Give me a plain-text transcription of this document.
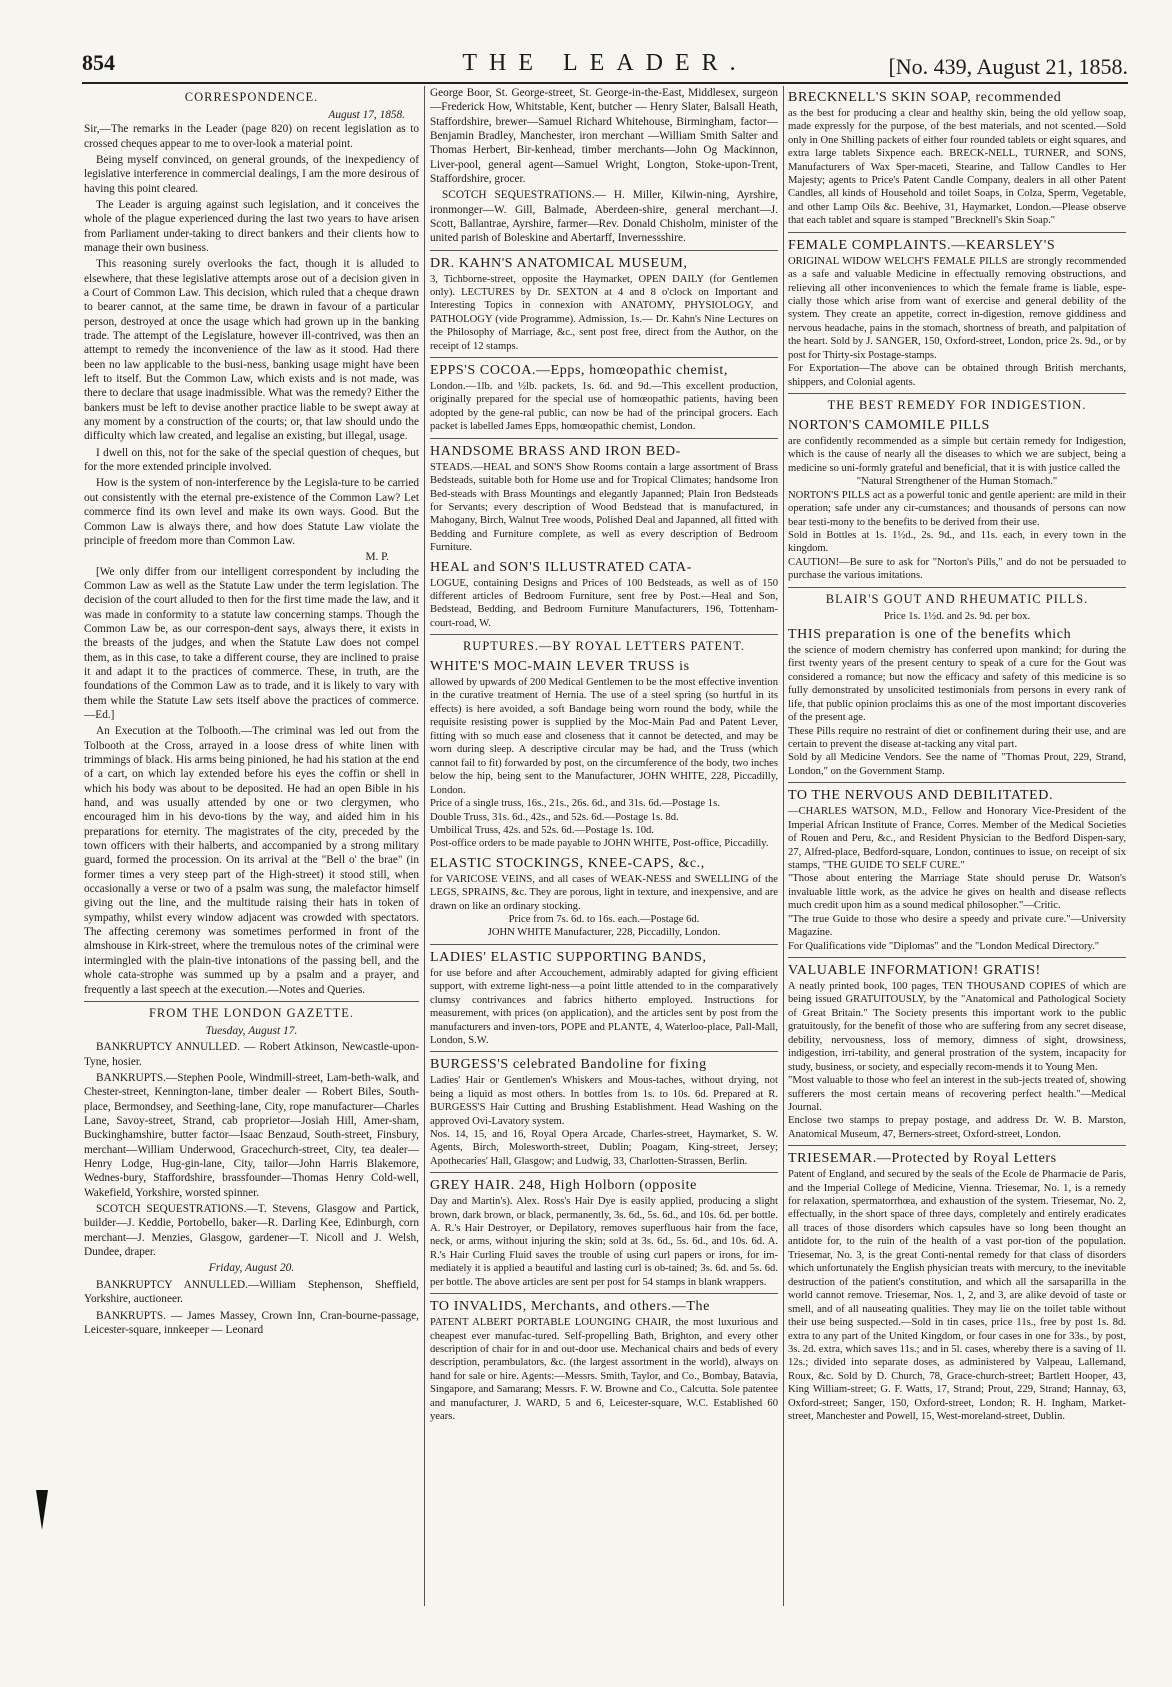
854	THE LEADER.	[No. 439, August 21, 1858.
CORRESPONDENCE.
August 17, 1858.

Sir,—The remarks in the Leader (page 820) on recent legislation as to crossed cheques appear to me to over-look a material point.

Being myself convinced, on general grounds, of the inexpediency of legislative interference in commercial dealings, I am the more desirous of having this point cleared.

The Leader is arguing against such legislation, and it conceives the whole of the plague experienced during the last two years to have arisen from Parliament under-taking to direct bankers and their clients how to manage their own business.

This reasoning surely overlooks the fact, though it is alluded to elsewhere, that these legislative attempts arose out of a decision given in a Court of Common Law. This decision, which ruled that a cheque drawn to bearer cannot, at the same time, be drawn in favour of a particular person, destroyed at once the usage which had grown up in the banking trade. The attempt of the Legislature, however ill-contrived, was then an attempt to remedy the inconvenience of the law as it stood. Had there been no law applicable to the busi-ness, banking usage might have been left to itself. But the Common Law, which exists and is not made, was there to declare that usage inadmissible. What was the remedy? Either the bankers must be left to devise another practice liable to be swept away at any moment by a construction of the courts; or, that law should undo the difficulty which law created, and legalise an existing, but illegal, usage.

I dwell on this, not for the sake of the special question of cheques, but for the more extended principle involved.

How is the system of non-interference by the Legisla-ture to be carried out consistently with the eternal pre-existence of the Common Law? Let commerce find its own level and make its own ways. Good. But the Common Law is always there, and how does Statute Law violate the principle of freedom more than Common Law.

M. P.

[We only differ from our intelligent correspondent by including the Common Law as well as the Statute Law under the term legislation. The decision of the court alluded to then for the first time made the law, and it was made in conformity to a statute law concerning stamps. Though the Common Law be, as our correspon-dent says, always there, it exists in the breasts of the judges, and when the Statute Law does not compel them, as in this case, to take a different course, they are inclined to praise it and adapt it to the practices of commerce. These, in truth, are the foundations of the Common Law as to trade, and it is likely to vary with them while the Statute Law sets itself above the practices of commerce.—Ed.]

An Execution at the Tolbooth.—The criminal was led out from the Tolbooth at the Cross, arrayed in a loose dress of white linen with trimmings of black. His arms being pinioned, he had his station at the end of a cart, on which lay extended before his eyes the coffin or shell in which his body was about to be deposited. He had an open Bible in his hand, and was usually attended by one or two clergymen, who encouraged him in his devo-tions by the way, and aided him in his preparations for eternity. The magistrates of the city, preceded by the town officers with their halberts, and accompanied by a strong military guard, formed the procession. On its arrival at the "Bell o' the brae" (in former times a very steep part of the High-street) it stood still, when occasionally a verse or two of a psalm was sung, the malefactor himself giving out the line, and the multitude raising their hats in token of sympathy, whilst every window adjacent was crowded with spectators. The affecting ceremony was sometimes performed in front of the almshouse in Kirk-street, where the tremulous notes of the criminal were intermingled with the plain-tive intonations of the passing bell, and the whole cata-strophe was summed up by a psalm and a prayer, and frequently a last speech at the execution.—Notes and Queries.

FROM THE LONDON GAZETTE.
Tuesday, August 17.

BANKRUPTCY ANNULLED. — Robert Atkinson, Newcastle-upon-Tyne, hosier.

BANKRUPTS.—Stephen Poole, Windmill-street, Lam-beth-walk, and Chester-street, Kennington-lane, timber dealer — Robert Biles, South-place, Bermondsey, and Seething-lane, City, rope manufacturer—Charles Lane, Savoy-street, Strand, cab proprietor—Josiah Hill, Amer-sham, Buckinghamshire, butter factor—Isaac Benzaud, South-street, Finsbury, merchant—William Underwood, Gracechurch-street, City, tea dealer—Henry Lodge, Hug-gin-lane, City, tailor—John Harris Blakemore, Wednes-bury, Staffordshire, brassfounder—Thomas Henry Cold-well, Wakefield, Yorkshire, worsted spinner.

SCOTCH SEQUESTRATIONS.—T. Stevens, Glasgow and Partick, builder—J. Keddie, Portobello, baker—R. Darling Kee, Edinburgh, corn merchant—J. Menzies, Glasgow, gardener—T. Nicoll and J. Welsh, Dundee, draper.

Friday, August 20.

BANKRUPTCY ANNULLED.—William Stephenson, Sheffield, Yorkshire, auctioneer.

BANKRUPTS. — James Massey, Crown Inn, Cran-bourne-passage, Leicester-square, innkeeper — Leonard

George Boor, St. George-street, St. George-in-the-East, Middlesex, surgeon—Frederick How, Whitstable, Kent, butcher — Henry Slater, Balsall Heath, Staffordshire, brewer—Samuel Richard Whitehouse, Birmingham, factor—Benjamin Bradley, Manchester, iron merchant —William Smith Salter and Thomas Herbert, Bir-kenhead, timber merchants—John Og Mackinnon, Liver-pool, general agent—Samuel Wright, Longton, Stoke-upon-Trent, Staffordshire, grocer.

SCOTCH SEQUESTRATIONS.— H. Miller, Kilwin-ning, Ayrshire, ironmonger—W. Gill, Balmade, Aberdeen-shire, general merchant—J. Scott, Ballantrae, Ayrshire, farmer—Rev. Donald Chisholm, minister of the united parish of Boleskine and Abertarff, Invernessshire.

DR. KAHN'S ANATOMICAL MUSEUM,
3, Tichborne-street, opposite the Haymarket, OPEN DAILY (for Gentlemen only). LECTURES by Dr. SEXTON at 4 and 8 o'clock on Important and Interesting Topics in connexion with ANATOMY, PHYSIOLOGY, and PATHOLOGY (vide Programme). Admission, 1s.— Dr. Kahn's Nine Lectures on the Philosophy of Marriage, &c., sent post free, direct from the Author, on the receipt of 12 stamps.
EPPS'S COCOA.—Epps, homœopathic chemist,
London.—1lb. and ½lb. packets, 1s. 6d. and 9d.—This excellent production, originally prepared for the special use of homœopathic patients, having been adopted by the gene-ral public, can now be had of the principal grocers. Each packet is labelled James Epps, homœopathic chemist, London.
HANDSOME BRASS AND IRON BED-
STEADS.—HEAL and SON'S Show Rooms contain a large assortment of Brass Bedsteads, suitable both for Home use and for Tropical Climates; handsome Iron Bed-steads with Brass Mountings and elegantly Japanned; Plain Iron Bedsteads for Servants; every description of Wood Bedstead that is manufactured, in Mahogany, Birch, Walnut Tree woods, Polished Deal and Japanned, all fitted with Bedding and Furniture complete, as well as every description of Bedroom Furniture.
HEAL and SON'S ILLUSTRATED CATA-
LOGUE, containing Designs and Prices of 100 Bedsteads, as well as of 150 different articles of Bedroom Furniture, sent free by Post.—Heal and Son, Bedstead, Bedding, and Bedroom Furniture Manufacturers, 196, Tottenham-court-road, W.
RUPTURES.—BY ROYAL LETTERS PATENT.
WHITE'S MOC-MAIN LEVER TRUSS is
allowed by upwards of 200 Medical Gentlemen to be the most effective invention in the curative treatment of Hernia. The use of a steel spring (so hurtful in its effects) is here avoided, a soft Bandage being worn round the body, while the requisite resisting power is supplied by the Moc-Main Pad and Patent Lever, fitting with so much ease and closeness that it cannot be detected, and may be worn during sleep. A descriptive circular may be had, and the Truss (which cannot fail to fit) forwarded by post, on the circumference of the body, two inches below the hip, being sent to the Manufacturer, JOHN WHITE, 228, Piccadilly, London.
Price of a single truss, 16s., 21s., 26s. 6d., and 31s. 6d.—Postage 1s.
Double Truss, 31s. 6d., 42s., and 52s. 6d.—Postage 1s. 8d.
Umbilical Truss, 42s. and 52s. 6d.—Postage 1s. 10d.
Post-office orders to be made payable to JOHN WHITE, Post-office, Piccadilly.
ELASTIC STOCKINGS, KNEE-CAPS, &c.,
for VARICOSE VEINS, and all cases of WEAK-NESS and SWELLING of the LEGS, SPRAINS, &c. They are porous, light in texture, and inexpensive, and are drawn on like an ordinary stocking.
Price from 7s. 6d. to 16s. each.—Postage 6d.
JOHN WHITE Manufacturer, 228, Piccadilly, London.
LADIES' ELASTIC SUPPORTING BANDS,
for use before and after Accouchement, admirably adapted for giving efficient support, with extreme light-ness—a point little attended to in the comparatively clumsy contrivances and fabrics hitherto employed. Instructions for measurement, with prices (on application), and the articles sent by post from the manufacturers and inven-tors, POPE and PLANTE, 4, Waterloo-place, Pall-Mall, London, S.W.
BURGESS'S celebrated Bandoline for fixing
Ladies' Hair or Gentlemen's Whiskers and Mous-taches, without drying, not being a liquid as most others. In bottles from 1s. to 10s. 6d. Prepared at R. BURGESS'S Hair Cutting and Brushing Establishment. Head Washing on the approved Ovi-Lavatory system.
Nos. 14, 15, and 16, Royal Opera Arcade, Charles-street, Haymarket, S. W. Agents, Birch, Molesworth-street, Dublin; Poagam, King-street, Jersey; Apothecaries' Hall, Glasgow; and Ludwig, 33, Charlotten-Strassen, Berlin.
GREY HAIR. 248, High Holborn (opposite
Day and Martin's). Alex. Ross's Hair Dye is easily applied, producing a slight brown, dark brown, or black, permanently, 3s. 6d., 5s. 6d., and 10s. 6d. per bottle. A. R.'s Hair Destroyer, or Depilatory, removes superfluous hair from the face, neck, or arms, without injuring the skin; sold at 3s. 6d., 5s. 6d., and 10s. 6d. A. R.'s Hair Curling Fluid saves the trouble of using curl papers or irons, for im-mediately it is applied a beautiful and lasting curl is ob-tained; 3s. 6d. and 5s. 6d. per bottle. The above articles are sent per post for 54 stamps in blank wrappers.
TO INVALIDS, Merchants, and others.—The
PATENT ALBERT PORTABLE LOUNGING CHAIR, the most luxurious and cheapest ever manufac-tured. Self-propelling Bath, Brighton, and every other description of chair for in and out-door use. Mechanical chairs and beds of every description, perambulators, &c. (the largest assortment in the world), always on hand for sale or hire. Agents:—Messrs. Smith, Taylor, and Co., Bombay, Batavia, Singapore, and Samarang; Messrs. F. W. Browne and Co., Calcutta. Sole patentee and manufacturer, J. WARD, 5 and 6, Leicester-square, W.C. Established 60 years.
BRECKNELL'S SKIN SOAP, recommended
as the best for producing a clear and healthy skin, being the old yellow soap, made expressly for the purpose, of the best materials, and not scented.—Sold only in One Shilling packets of either four rounded tablets or eight squares, and extra large tablets Sixpence each. BRECK-NELL, TURNER, and SONS, Manufacturers of Wax Sper-maceti, Stearine, and Tallow Candles to Her Majesty; agents to Price's Patent Candle Company, dealers in all other Patent Candles, all kinds of Household and toilet Soaps, in Colza, Sperm, Vegetable, and other Lamp Oils &c. Beehive, 31, Haymarket, London.—Please observe that each tablet and square is stamped "Brecknell's Skin Soap."
FEMALE COMPLAINTS.—KEARSLEY'S
ORIGINAL WIDOW WELCH'S FEMALE PILLS are strongly recommended as a safe and valuable Medicine in effectually removing obstructions, and relieving all other inconveniences to which the female frame is liable, espe-cially those which arise from want of exercise and general debility of the system. They create an appetite, correct in-digestion, remove giddiness and nervous headache, pains in the stomach, shortness of breath, and palpitation of the heart. Sold by J. SANGER, 150, Oxford-street, London, price 2s. 9d., or by post for Thirty-six Postage-stamps.
For Exportation—The above can be obtained through British merchants, shippers, and Colonial agents.
THE BEST REMEDY FOR INDIGESTION.
NORTON'S CAMOMILE PILLS
are confidently recommended as a simple but certain remedy for Indigestion, which is the cause of nearly all the diseases to which we are subject, being a medicine so uni-formly grateful and beneficial, that it is with justice called the
"Natural Strengthener of the Human Stomach."
NORTON'S PILLS act as a powerful tonic and gentle aperient: are mild in their operation; safe under any cir-cumstances; and thousands of persons can now bear testi-mony to the benefits to be derived from their use.
Sold in Bottles at 1s. 1½d., 2s. 9d., and 11s. each, in every town in the kingdom.
CAUTION!—Be sure to ask for "Norton's Pills," and do not be persuaded to purchase the various imitations.
BLAIR'S GOUT AND RHEUMATIC PILLS.
Price 1s. 1½d. and 2s. 9d. per box.
THIS preparation is one of the benefits which
the science of modern chemistry has conferred upon mankind; for during the first twenty years of the present century to speak of a cure for the Gout was considered a romance; but now the efficacy and safety of this medicine is so fully demonstrated by unsolicited testimonials from persons in every rank of life, that public opinion proclaims this as one of the most important discoveries of the present age.
These Pills require no restraint of diet or confinement during their use, and are certain to prevent the disease at-tacking any vital part.
Sold by all Medicine Vendors. See the name of "Thomas Prout, 229, Strand, London," on the Government Stamp.
TO THE NERVOUS AND DEBILITATED.
—CHARLES WATSON, M.D., Fellow and Honorary Vice-President of the Imperial African Institute of France, Corres. Member of the Medical Societies of Rouen and Peru, &c., and Resident Physician to the Bedford Dispen-sary, 27, Alfred-place, Bedford-square, London, continues to issue, on receipt of six stamps, "THE GUIDE TO SELF CURE."
"Those about entering the Marriage State should peruse Dr. Watson's invaluable little work, as the advice he gives on health and disease reflects much credit upon him as a sound medical philosopher."—Critic.
"The true Guide to those who desire a speedy and private cure."—University Magazine.
For Qualifications vide "Diplomas" and the "London Medical Directory."
VALUABLE INFORMATION! GRATIS!
A neatly printed book, 100 pages, TEN THOUSAND COPIES of which are being issued GRATUITOUSLY, by the "Anatomical and Pathological Society of Great Britain." The Society presents this important work to the public gratuitously, for the benefit of those who are suffering from any secret disease, debility, nervousness, loss of memory, dimness of sight, drowsiness, indigestion, irri-tability, and general prostration of the system, incapacity for study, business, or society, and especially recom-mends it to Young Men.
"Most valuable to those who feel an interest in the sub-jects treated of, showing sufferers the most certain means of recovering perfect health."—Medical Journal.
Enclose two stamps to prepay postage, and address Dr. W. B. Marston, Anatomical Museum, 47, Berners-street, Oxford-street, London.
TRIESEMAR.—Protected by Royal Letters
Patent of England, and secured by the seals of the Ecole de Pharmacie de Paris, and the Imperial College of Medicine, Vienna. Triesemar, No. 1, is a remedy for relaxation, spermatorrhœa, and exhaustion of the system. Triesemar, No. 2, effectually, in the short space of three days, completely and entirely eradicates all traces of those disorders which capsules have so long been thought an antidote for, to the ruin of the health of a vast por-tion of the population. Triesemar, No. 3, is the great Conti-nental remedy for that class of disorders which unfortunately the English physician treats with mercury, to the inevitable destruction of the patient's constitution, and which all the sarsaparilla in the world cannot remove. Triesemar, Nos. 1, 2, and 3, are alike devoid of taste or smell, and of all nauseating qualities. They may lie on the toilet table without their use being suspected.—Sold in tin cases, price 11s., free by post 1s. 8d. extra to any part of the United Kingdom, or four cases in one for 33s., by post, 3s. 2d. extra, which saves 11s.; and in 5l. cases, whereby there is a saving of 1l. 12s.; divided into separate doses, as administered by Valpeau, Lallemand, Roux, &c. Sold by D. Church, 78, Grace-church-street; Bartlett Hooper, 43, King William-street; G. F. Watts, 17, Strand; Prout, 229, Strand; Hannay, 63, Oxford-street; Sanger, 150, Oxford-street, London; R. H. Ingham, Market-street, Manchester and Powell, 15, West-moreland-street, Dublin.
